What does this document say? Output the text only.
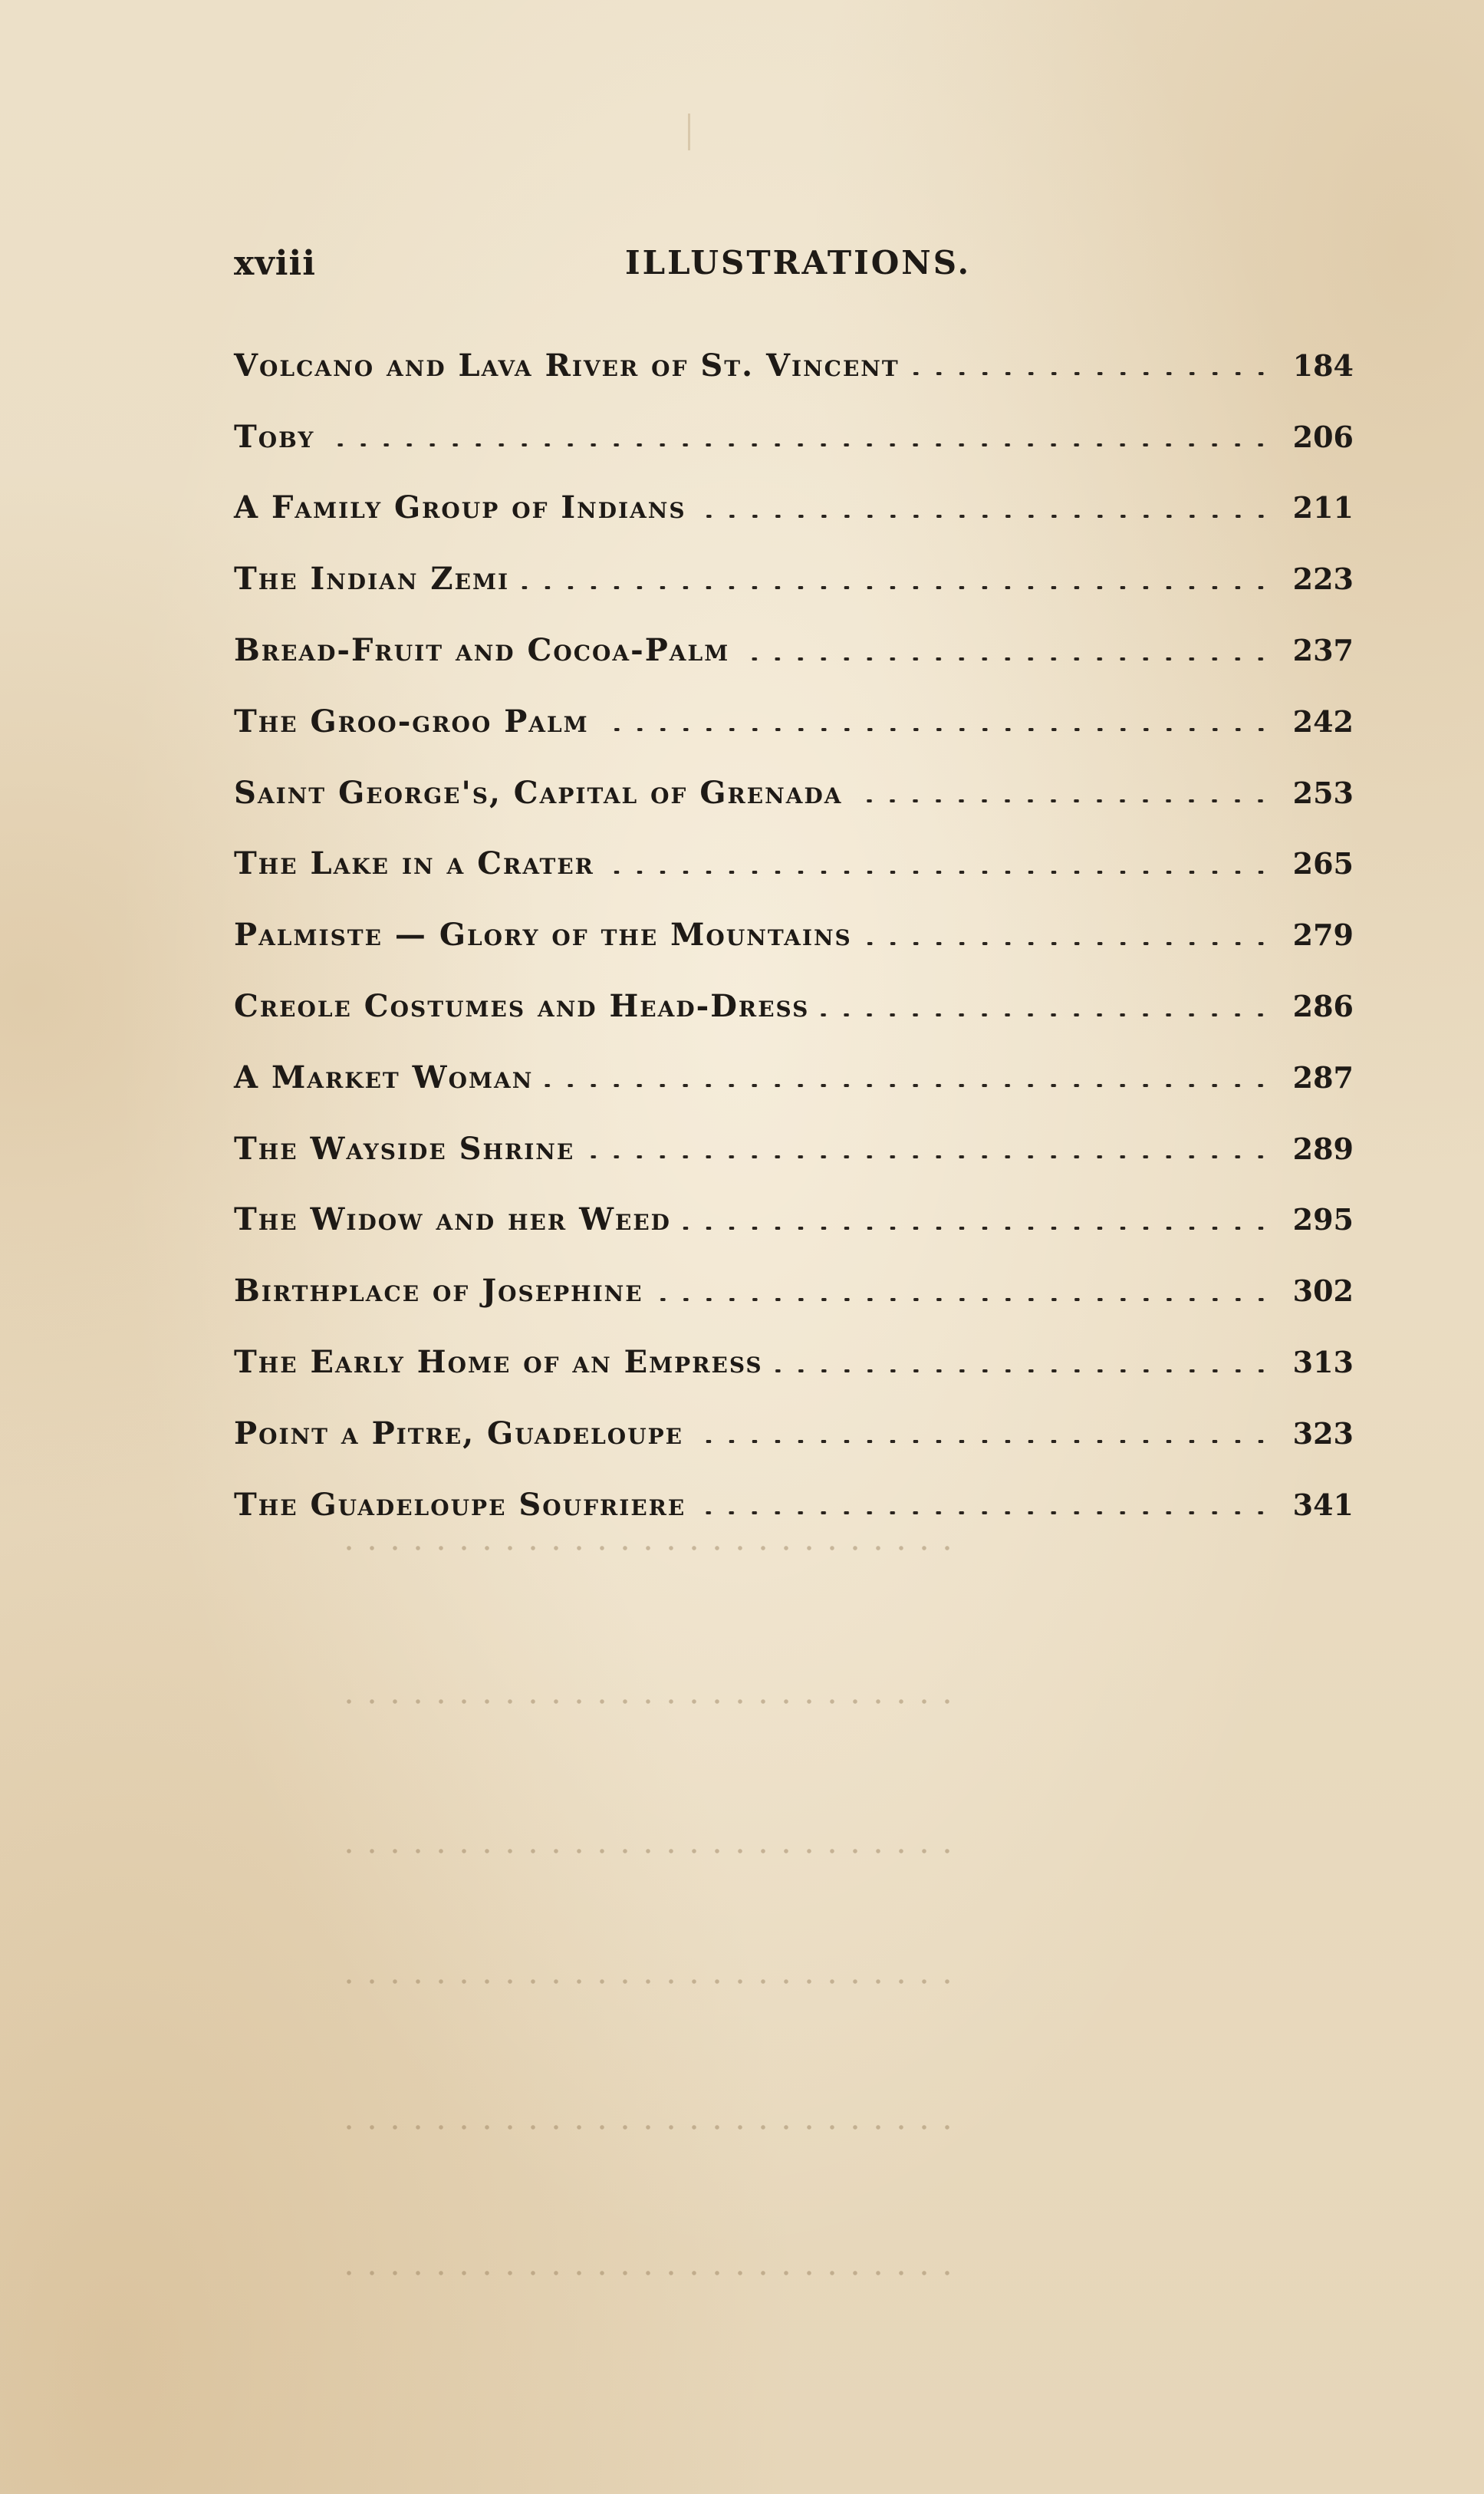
xviii	ILLUSTRATIONS.
Volcano and Lava River of St. Vincent	184
Toby	206
A Family Group of Indians	211
The Indian Zemi	223
Bread-Fruit and Cocoa-Palm	237
The Groo-groo Palm	242
Saint George's, Capital of Grenada	253
The Lake in a Crater	265
Palmiste — Glory of the Mountains	279
Creole Costumes and Head-Dress	286
A Market Woman	287
The Wayside Shrine	289
The Widow and her Weed	295
Birthplace of Josephine	302
The Early Home of an Empress	313
Point a Pitre, Guadeloupe	323
The Guadeloupe Soufriere	341
